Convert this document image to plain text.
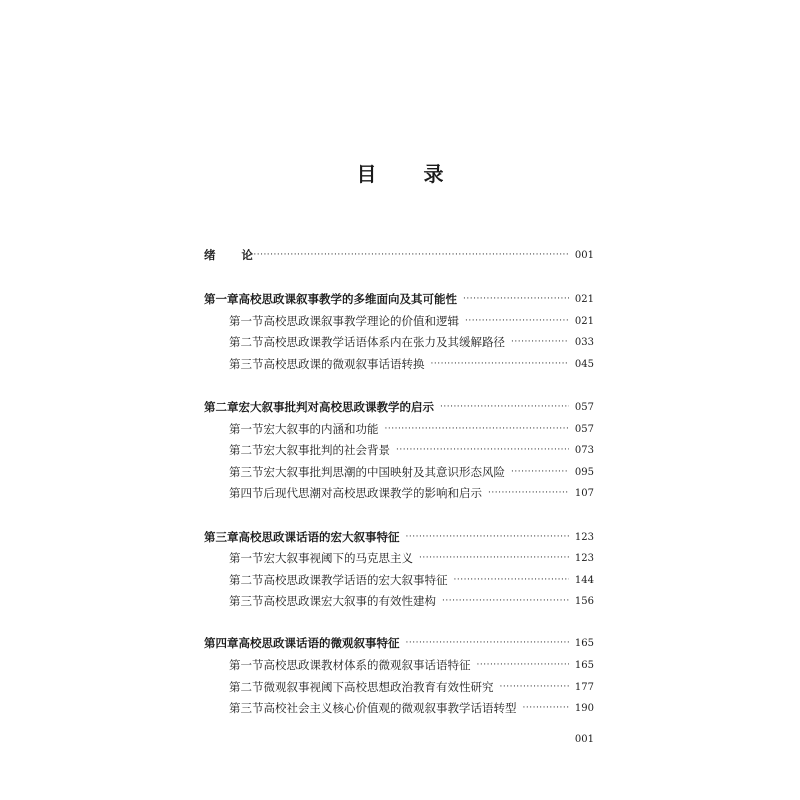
目 录
绪 论 ·····	001
第一章 高校思政课叙事教学的多维面向及其可能性 ·····	021
第一节 高校思政课叙事教学理论的价值和逻辑 ·····	021
第二节 高校思政课教学话语体系内在张力及其缓解路径 ·····	033
第三节 高校思政课的微观叙事话语转换 ·····	045
第二章 宏大叙事批判对高校思政课教学的启示 ·····	057
第一节 宏大叙事的内涵和功能 ·····	057
第二节 宏大叙事批判的社会背景 ·····	073
第三节 宏大叙事批判思潮的中国映射及其意识形态风险 ·····	095
第四节 后现代思潮对高校思政课教学的影响和启示 ·····	107
第三章 高校思政课话语的宏大叙事特征 ·····	123
第一节 宏大叙事视阈下的马克思主义 ·····	123
第二节 高校思政课教学话语的宏大叙事特征 ·····	144
第三节 高校思政课宏大叙事的有效性建构 ·····	156
第四章 高校思政课话语的微观叙事特征 ·····	165
第一节 高校思政课教材体系的微观叙事话语特征 ·····	165
第二节 微观叙事视阈下高校思想政治教育有效性研究 ·····	177
第三节 高校社会主义核心价值观的微观叙事教学话语转型 ·····	190
001
